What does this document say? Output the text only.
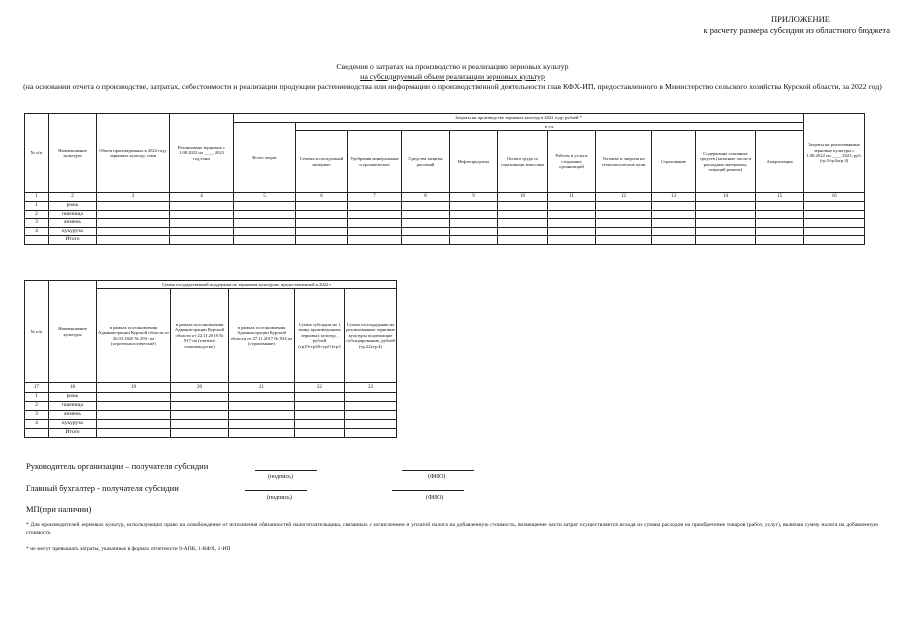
ПРИЛОЖЕНИЕ
к расчету размера субсидии из областного бюджета
Сведения о затратах на производство и реализацию зерновых культур
на субсидируемый объем реализации зерновых культур
(на основании отчета о производстве, затратах, себестоимости и реализации продукции растениеводства или информации о производственной деятельности глав КФХ-ИП, предоставленного в Министерство сельского хозяйства Курской области, за 2022 год)
№ п/п	Наименование культуры	Объем произведенных в 2022 году зерновых культур, тонн	Реализовано зерновых с 1.08.2022 по ____ 2023 год,тонн	Затраты на производство зерновых культур в 2022 году, рублей *											Затраты на реализованные зерновые культуры с 1.08.2022 по ____ 2023, руб. (гр.5/гр3хгр.4)
				Всего затрат	в т.ч.										
					Семена и посадочный материал	Удобрения минеральные и органические	Средства защиты растений	Нефтепродукты	Оплата труда со страховыми взносами	Работы и услуги сторонних организаций	Топливо и энергия на технологические цели	Страхование	Содержание основных средств (запасные части и расходные материалы, текущий ремонт)	Амортизация	
1	2	3	4	5	6	7	8	9	10	11	12	13	14	15	16
1	рожь														
2	пшеница														
3	ячмень														
4	кукуруза														
	Итого														
№ п/п	Наименование культуры	Сумма государственной поддержки по зерновым культурам, предоставленной в 2022 г				
		в рамках постановления Администрации Курской области от 26.03.2020 № 293- па (агротехнологические)	в рамках постановления Администрации Курской области от 22.11.2018 № 917-па (элитное семеноводство)	в рамках постановления Администрации Курской области от 27.11.2017 № 934 па (страхование)	Сумма субсидии на 1 тонну произведенных зерновых культур , рублей (гр19+гр20+гр21)/гр3	Сумма господдержки на реализованные зерновые культуры подлежащие субсидированию, рублей (гр.22хгр.4)
17	18	19	20	21	22	23
1	рожь					
2	пшеница					
3	ячмень					
4	кукуруза					
	Итого					
Руководитель организации – получателя субсидии
(подпись)	(ФИО)
Главный бухгалтер - получателя субсидии
(подпись)	(ФИО)
МП(при наличии)
* Для производителей зерновых культур, использующих право на освобождение от исполнения обязанностей налогоплательщика, связанных с исчислением и уплатой налога на добавленную стоимость, возмещение части затрат осуществляется исходя из суммы расходов на приобретение товаров (работ, услуг), включая сумму налога на добавленную стоимость
* не могут превышать затраты, указанные в формах отчетности 9-АПК, 1-КФХ, 1-ИП
